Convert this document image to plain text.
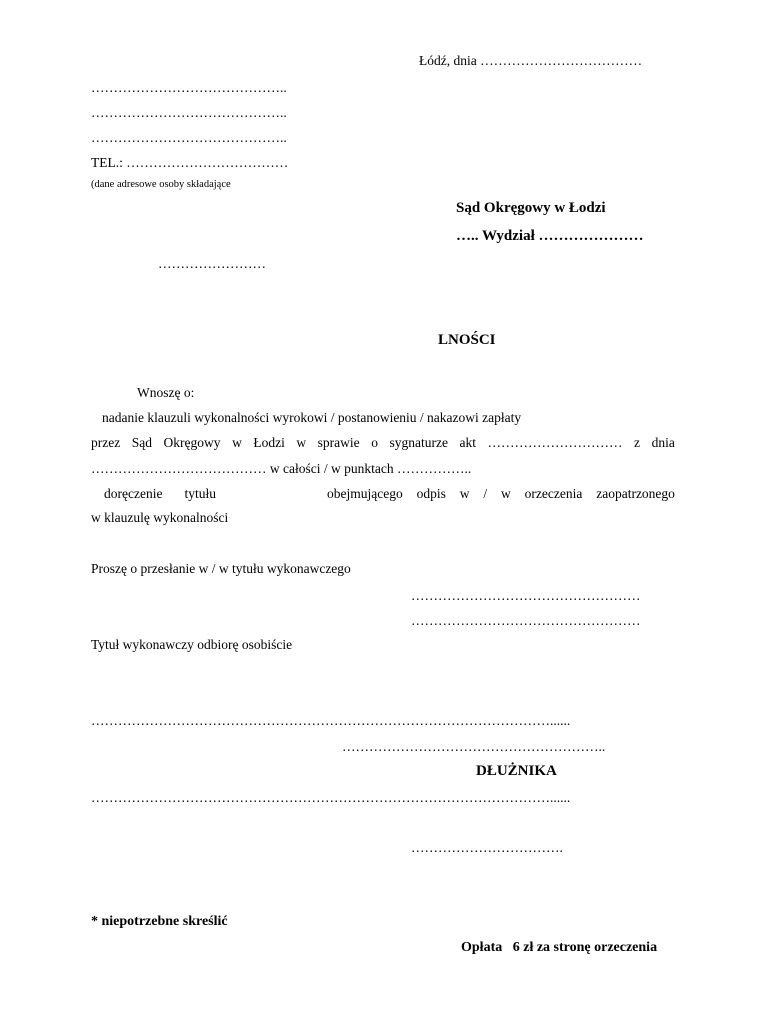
Łódź, dnia ………………………………
……………………………………..
……………………………………..
……………………………………..
TEL.: ………………………………
(dane adresowe osoby składające
Sąd Okręgowy w Łodzi
….. Wydział …………………
……………………
LNOŚCI
Wnoszę o:
nadanie klauzuli wykonalności wyrokowi / postanowieniu / nakazowi zapłaty
przez Sąd Okręgowy w Łodzi w sprawie o sygnaturze akt ………………………… z dnia
………………………………… w całości / w punktach ……………..
doręczenie tytułu	obejmującego odpis w / w orzeczenia zaopatrzonego
w klauzulę wykonalności
Proszę o przesłanie w / w tytułu wykonawczego
……………………………………………
……………………………………………
Tytuł wykonawczy odbiorę osobiście
…………………………………………………………………………………………......
…………………………………………………..
DŁUŻNIKA
…………………………………………………………………………………………......
…………………………….
* niepotrzebne skreślić
Opłata   6 zł za stronę orzeczenia
